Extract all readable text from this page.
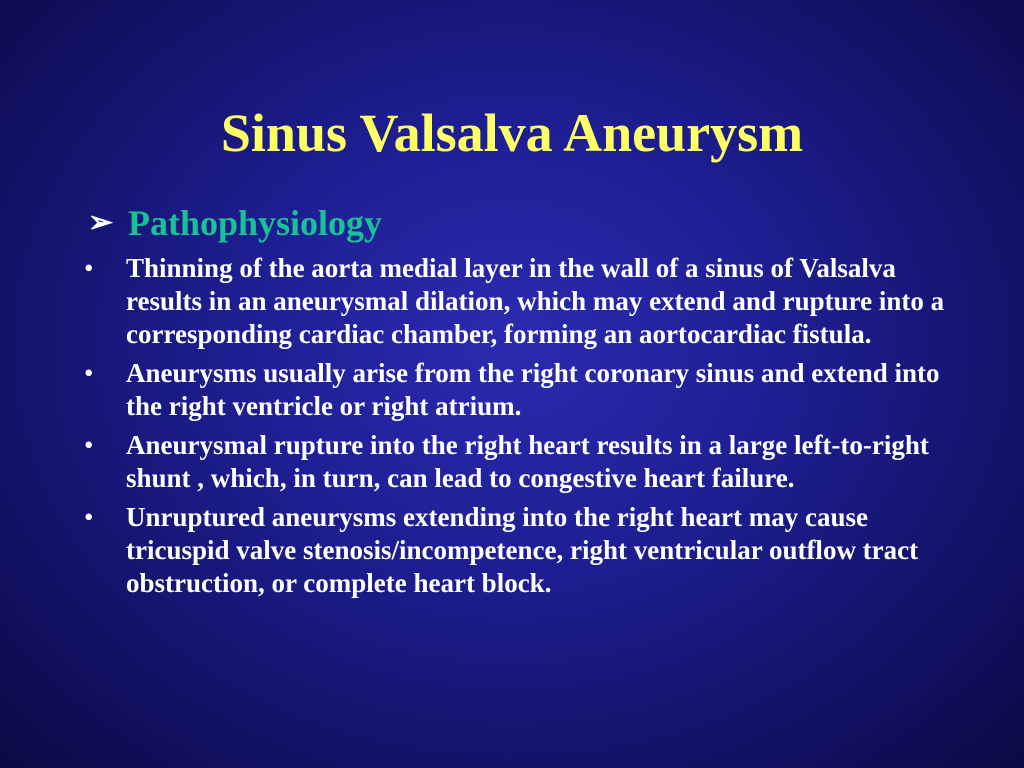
Sinus Valsalva Aneurysm
➢ Pathophysiology
•	Thinning of the aorta medial layer in the wall of a sinus of Valsalva results in an aneurysmal dilation, which may extend and rupture into a corresponding cardiac chamber, forming an aortocardiac fistula.
•	Aneurysms usually arise from the right coronary sinus and extend into the right ventricle or right atrium.
•	Aneurysmal rupture into the right heart results in a large left-to-right shunt , which, in turn, can lead to congestive heart failure.
•	Unruptured aneurysms extending into the right heart may cause tricuspid valve stenosis/incompetence, right ventricular outflow tract obstruction, or complete heart block.
